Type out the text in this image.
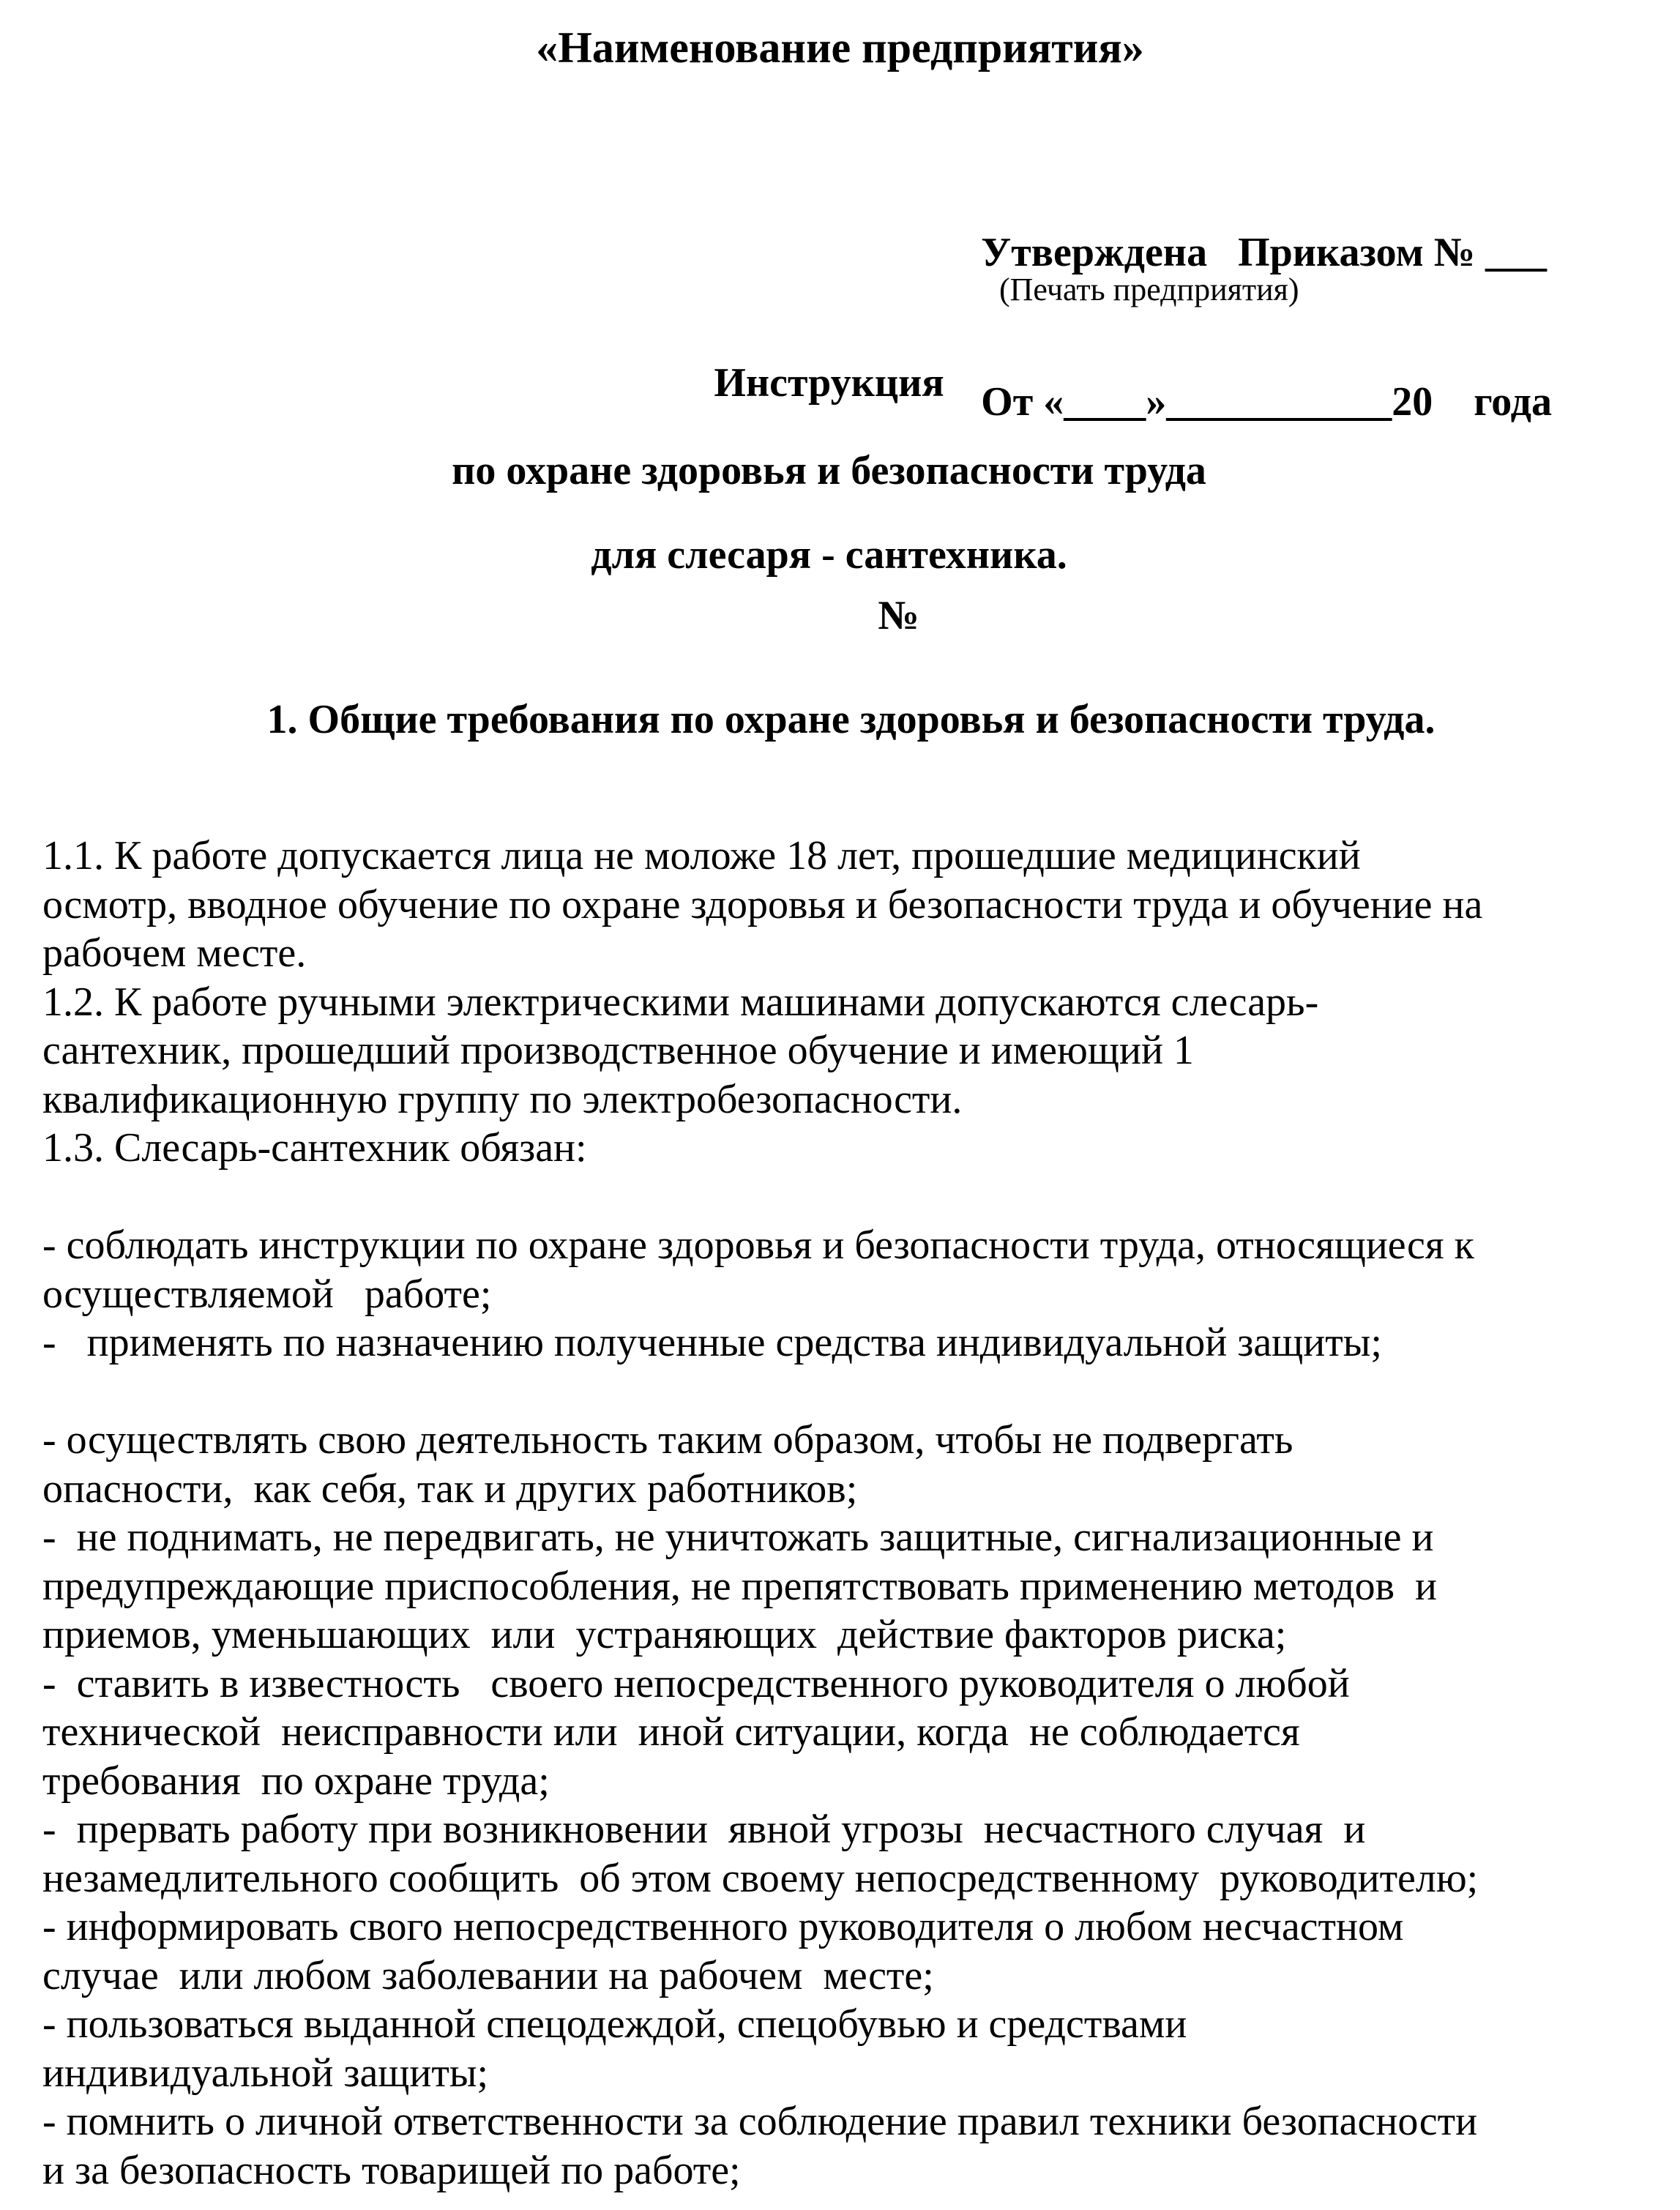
«Наименование предприятия»

Утверждена   Приказом № ___

От «____»___________20    года

(Печать предприятия)
Инструкция
по охране здоровья и безопасности труда
для слесаря - сантехника.
№
1. Общие требования по охране здоровья и безопасности труда.

1.1. К работе допускается лица не моложе 18 лет, прошедшие медицинский

осмотр, вводное обучение по охране здоровья и безопасности труда и обучение на

рабочем месте.

1.2. К работе ручными электрическими машинами допускаются слесарь-

сантехник, прошедший производственное обучение и имеющий 1

квалификационную группу по электробезопасности.

1.3. Слесарь-сантехник обязан:

- соблюдать инструкции по охране здоровья и безопасности труда, относящиеся к

осуществляемой   работе;

-   применять по назначению полученные средства индивидуальной защиты;

- осуществлять свою деятельность таким образом, чтобы не подвергать

опасности,  как себя, так и других работников;

-  не поднимать, не передвигать, не уничтожать защитные, сигнализационные и

предупреждающие приспособления, не препятствовать применению методов  и

приемов, уменьшающих  или  устраняющих  действие факторов риска;

-  ставить в известность   своего непосредственного руководителя о любой

технической  неисправности или  иной ситуации, когда  не соблюдается

требования  по охране труда;

-  прервать работу при возникновении  явной угрозы  несчастного случая  и

незамедлительного сообщить  об этом своему непосредственному  руководителю;

- информировать свого непосредственного руководителя о любом несчастном

случае  или любом заболевании на рабочем  месте;

- пользоваться выданной спецодеждой, спецобувью и средствами

индивидуальной защиты;

- помнить о личной ответственности за соблюдение правил техники безопасности

и за безопасность товарищей по работе;
